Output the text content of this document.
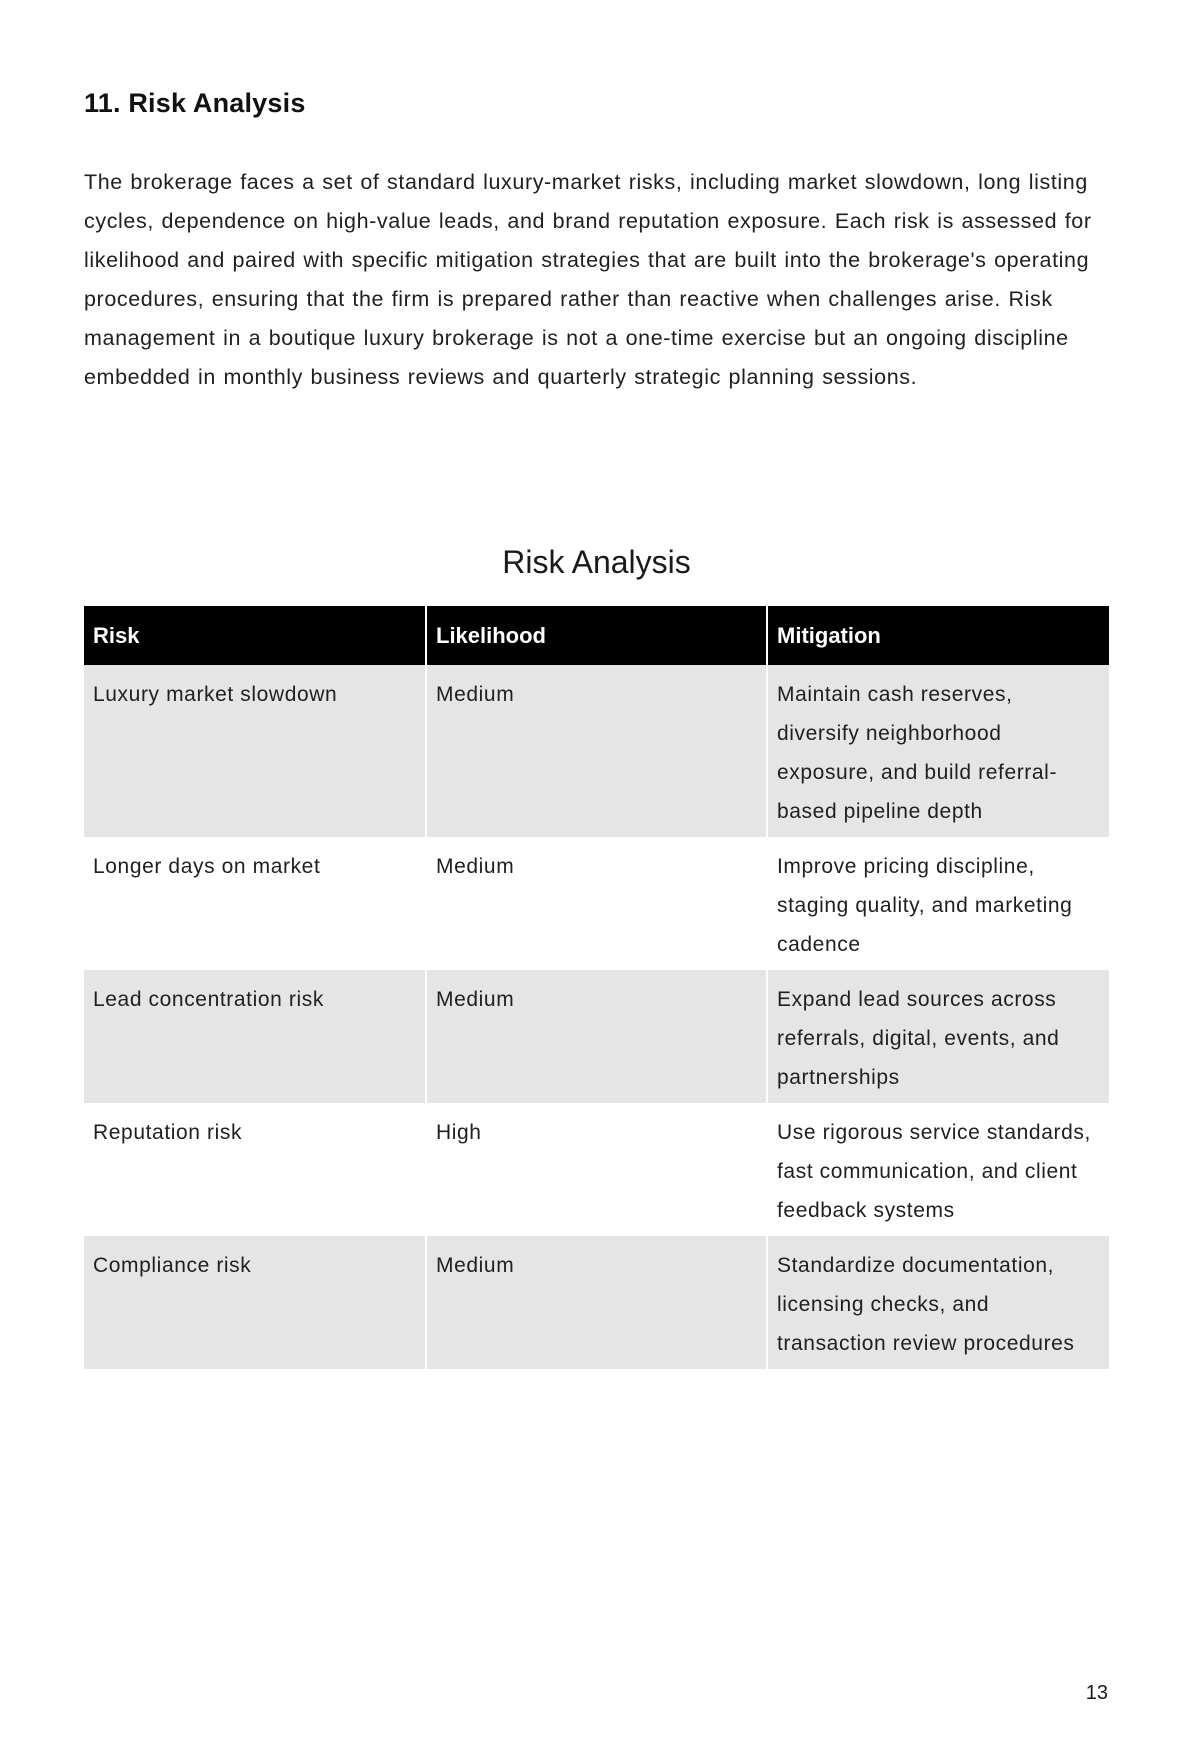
11. Risk Analysis

The brokerage faces a set of standard luxury-market risks, including market slowdown, long listing cycles, dependence on high-value leads, and brand reputation exposure. Each risk is assessed for likelihood and paired with specific mitigation strategies that are built into the brokerage's operating procedures, ensuring that the firm is prepared rather than reactive when challenges arise. Risk management in a boutique luxury brokerage is not a one-time exercise but an ongoing discipline embedded in monthly business reviews and quarterly strategic planning sessions.

Risk Analysis
Risk	Likelihood	Mitigation
Luxury market slowdown	Medium	Maintain cash reserves, diversify neighborhood exposure, and build referral-based pipeline depth
Longer days on market	Medium	Improve pricing discipline, staging quality, and marketing cadence
Lead concentration risk	Medium	Expand lead sources across referrals, digital, events, and partnerships
Reputation risk	High	Use rigorous service standards, fast communication, and client feedback systems
Compliance risk	Medium	Standardize documentation, licensing checks, and transaction review procedures
13
